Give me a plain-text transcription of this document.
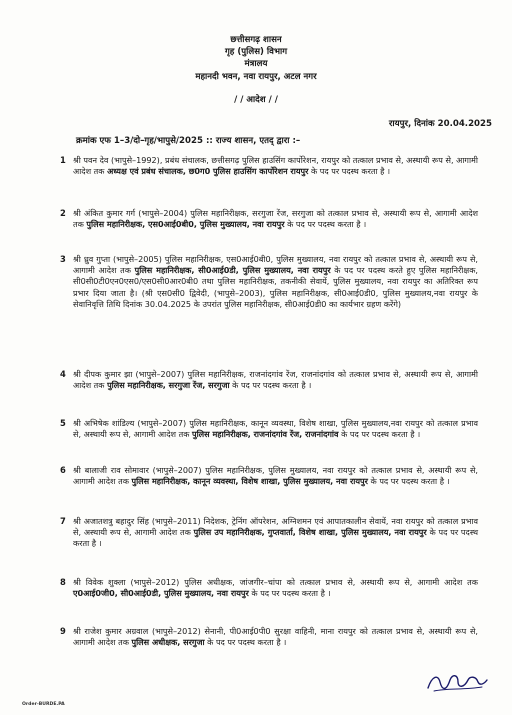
छत्तीसगढ़ शासन
गृह (पुलिस) विभाग
मंत्रालय
महानदी भवन, नवा रायपुर, अटल नगर
/ / आदेश / /
रायपुर, दिनांक 20.04.2025
क्रमांक एफ 1–3/दो–गृह/भापुसे/2025 :: राज्य शासन, एतद् द्वारा :–
1 श्री पवन देव (भापुसे–1992), प्रबंध संचालक, छत्तीसगढ़ पुलिस हाउसिंग कार्पोरेशन, रायपुर को तत्काल प्रभाव से, अस्थायी रूप से, आगामी आदेश तक अध्यक्ष एवं प्रबंध संचालक, छ0ग0 पुलिस हाउसिंग कार्पोरेशन रायपुर के पद पर पदस्थ करता है ।
2 श्री अंकित कुमार गर्ग (भापुसे–2004) पुलिस महानिरीक्षक, सरगुजा रेंज, सरगुजा को तत्काल प्रभाव से, अस्थायी रूप से, आगामी आदेश तक पुलिस महानिरीक्षक, एस0आई0बी0, पुलिस मुख्यालय, नवा रायपुर के पद पर पदस्थ करता है ।
3 श्री ध्रुव गुप्ता (भापुसे–2005) पुलिस महानिरीक्षक, एस0आई0बी0, पुलिस मुख्यालय, नवा रायपुर को तत्काल प्रभाव से, अस्थायी रूप से, आगामी आदेश तक पुलिस महानिरीक्षक, सी0आई0डी, पुलिस मुख्यालय, नवा रायपुर के पद पर पदस्थ करते हुए पुलिस महानिरीक्षक, सी0सी0टी0एन0एस0/एस0सी0आर0बी0 तथा पुलिस महानिरीक्षक, तकनीकी सेवायें, पुलिस मुख्यालय, नवा रायपुर का अतिरिक्त रूप प्रभार दिया जाता है। (श्री एस0सी0 द्विवेदी, (भापुसे–2003), पुलिस महानिरीक्षक, सी0आई0डी0, पुलिस मुख्यालय,नवा रायपुर के सेवानिवृत्ति तिथि दिनांक 30.04.2025 के उपरांत पुलिस महानिरीक्षक, सी0आई0डी0 का कार्यभार ग्रहण करेंगे)
4 श्री दीपक कुमार झा (भापुसे–2007) पुलिस महानिरीक्षक, राजनांदगांव रेंज, राजनांदगांव को तत्काल प्रभाव से, अस्थायी रूप से, आगामी आदेश तक पुलिस महानिरीक्षक, सरगुजा रेंज, सरगुजा के पद पर पदस्थ करता है ।
5 श्री अभिषेक शांडिल्य (भापुसे–2007) पुलिस महानिरीक्षक, कानून व्यवस्था, विशेष शाखा, पुलिस मुख्यालय,नवा रायपुर को तत्काल प्रभाव से, अस्थायी रूप से, आगामी आदेश तक पुलिस महानिरीक्षक, राजनांदगांव रेंज, राजनांदगांव के पद पर पदस्थ करता है ।
6 श्री बालाजी राव सोमावार (भापुसे–2007) पुलिस महानिरीक्षक, पुलिस मुख्यालय, नवा रायपुर को तत्काल प्रभाव से, अस्थायी रूप से, आगामी आदेश तक पुलिस महानिरीक्षक, कानून व्यवस्था, विशेष शाखा, पुलिस मुख्यालय, नवा रायपुर के पद पर पदस्थ करता है ।
7 श्री अजातशत्रु बहादुर सिंह (भापुसे–2011) निदेशक, ट्रेनिंग ऑपरेशन, अग्निशमन एवं आपातकालीन सेवायें, नवा रायपुर को तत्काल प्रभाव से, अस्थायी रूप से, आगामी आदेश तक पुलिस उप महानिरीक्षक, गुप्तवार्ता, विशेष शाखा, पुलिस मुख्यालय, नवा रायपुर के पद पर पदस्थ करता है ।
8 श्री विवेक शुक्ला (भापुसे–2012) पुलिस अधीक्षक, जांजगीर–चांपा को तत्काल प्रभाव से, अस्थायी रूप से, आगामी आदेश तक ए0आई0जी0, सी0आई0डी, पुलिस मुख्यालय, नवा रायपुर के पद पर पदस्थ करता है ।
9 श्री राजेश कुमार अग्रवाल (भापुसे–2012) सेनानी, पी0आई0पी0 सुरक्षा वाहिनी, माना रायपुर को तत्काल प्रभाव से, अस्थायी रूप से, आगामी आदेश तक पुलिस अधीक्षक, सरगुजा के पद पर पदस्थ करता है ।
Order-BURDE.PA
